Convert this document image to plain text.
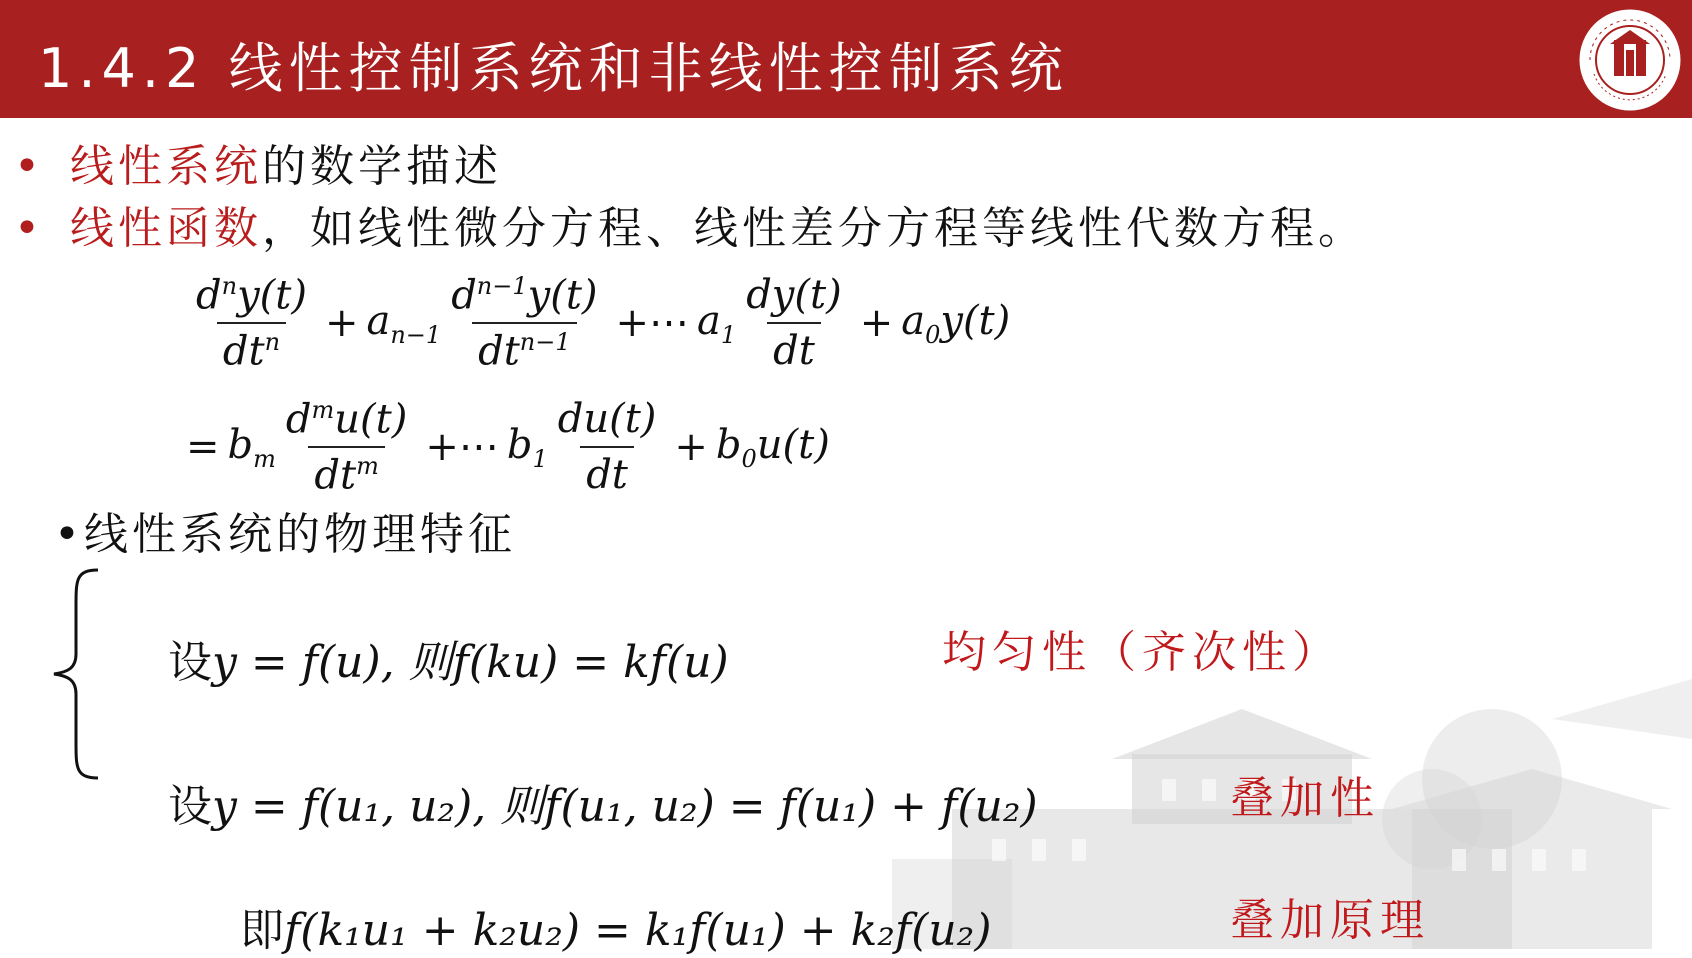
1.4.2 线性控制系统和非线性控制系统
• 线性系统的数学描述
• 线性函数，如线性微分方程、线性差分方程等线性代数方程。
$\frac{d^ny(t)}{dt^n} + a_{n-1} \frac{d^{n-1}y(t)}{dt^{n-1}}$ +⋯ $a_1 \frac{dy(t)}{dt} + a_0y(t)$
= $b_m \frac{d^mu(t)}{dt^m}$ +⋯ $b_1 \frac{du(t)}{dt} + b_0u(t)$
•线性系统的物理特征
设y = f(u), 则f(ku) = kf(u)	均匀性（齐次性）
设y = f(u₁, u₂), 则f(u₁, u₂) = f(u₁) + f(u₂)	叠加性
即f(k₁u₁ + k₂u₂) = k₁f(u₁) + k₂f(u₂)	叠加原理
